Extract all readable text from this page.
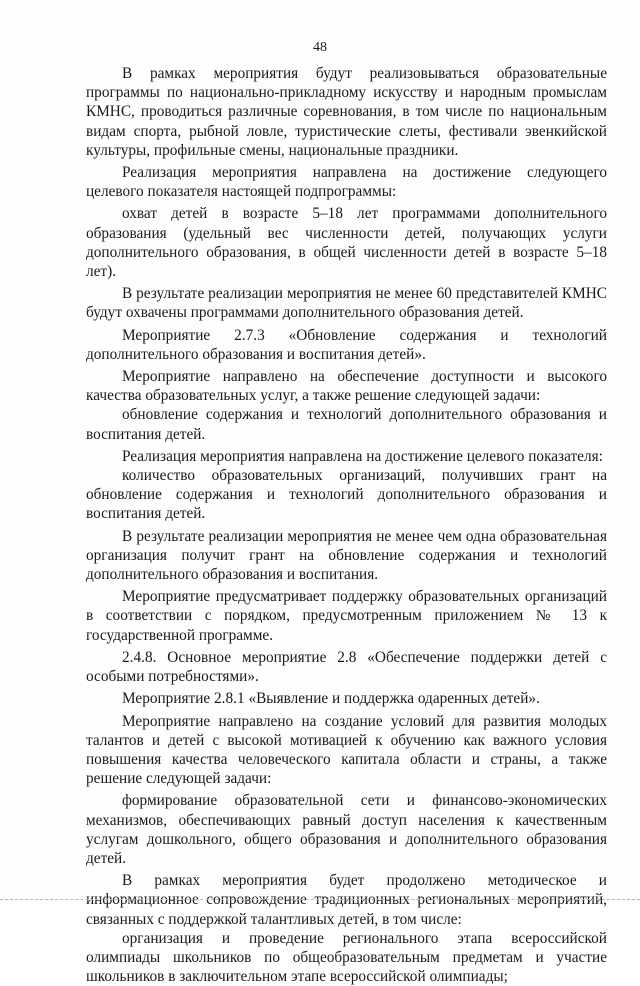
48

В рамках мероприятия будут реализовываться образовательные программы по национально-прикладному искусству и народным промыслам КМНС, проводиться различные соревнования, в том числе по национальным видам спорта, рыбной ловле, туристические слеты, фестивали эвенкийской культуры, профильные смены, национальные праздники.

Реализация мероприятия направлена на достижение следующего целевого показателя настоящей подпрограммы:

охват детей в возрасте 5–18 лет программами дополнительного образования (удельный вес численности детей, получающих услуги дополнительного образования, в общей численности детей в возрасте 5–18 лет).

В результате реализации мероприятия не менее 60 представителей КМНС будут охвачены программами дополнительного образования детей.

Мероприятие 2.7.3 «Обновление содержания и технологий дополнительного образования и воспитания детей».

Мероприятие направлено на обеспечение доступности и высокого качества образовательных услуг, а также решение следующей задачи:

обновление содержания и технологий дополнительного образования и воспитания детей.

Реализация мероприятия направлена на достижение целевого показателя:

количество образовательных организаций, получивших грант на обновление содержания и технологий дополнительного образования и воспитания детей.

В результате реализации мероприятия не менее чем одна образовательная организация получит грант на обновление содержания и технологий дополнительного образования и воспитания.

Мероприятие предусматривает поддержку образовательных организаций в соответствии с порядком, предусмотренным приложением № 13 к государственной программе.

2.4.8. Основное мероприятие 2.8 «Обеспечение поддержки детей с особыми потребностями».

Мероприятие 2.8.1 «Выявление и поддержка одаренных детей».

Мероприятие направлено на создание условий для развития молодых талантов и детей с высокой мотивацией к обучению как важного условия повышения качества человеческого капитала области и страны, а также решение следующей задачи:

формирование образовательной сети и финансово-экономических механизмов, обеспечивающих равный доступ населения к качественным услугам дошкольного, общего образования и дополнительного образования детей.

В рамках мероприятия будет продолжено методическое и информационное сопровождение традиционных региональных мероприятий, связанных с поддержкой талантливых детей, в том числе:

организация и проведение регионального этапа всероссийской олимпиады школьников по общеобразовательным предметам и участие школьников в заключительном этапе всероссийской олимпиады;
